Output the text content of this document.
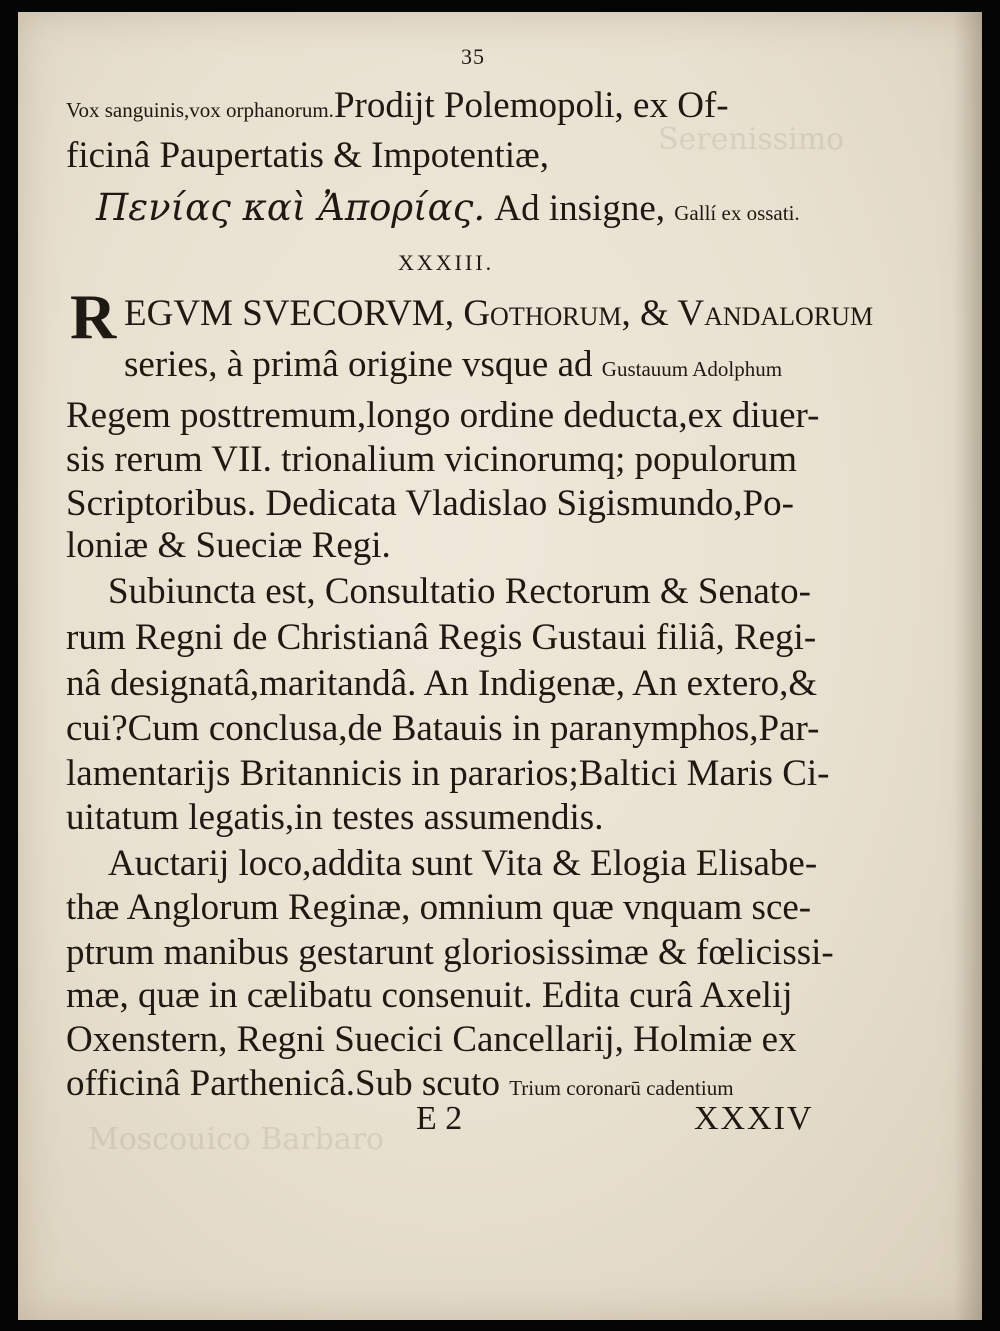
Serenissimo
Moscouico Barbaro
35
Vox sanguinis,vox orphanorum.Prodijt Polemopoli, ex Of-
ficinâ Paupertatis & Impotentiæ,
Πενίας καὶ Ἀπορίας. Ad insigne, Gallí ex ossati.
XXXIII.
R EGVM SVECORVM, Gothorum, & Vandalorum
series, à primâ origine vsque ad Gustauum Adolphum
Regem posttremum,longo ordine deducta,ex diuer-
sis rerum VII. trionalium vicinorumq; populorum
Scriptoribus. Dedicata Vladislao Sigismundo,Po-
loniæ & Sueciæ Regi.
Subiuncta est, Consultatio Rectorum & Senato-
rum Regni de Christianâ Regis Gustaui filiâ, Regi-
nâ designatâ,maritandâ. An Indigenæ, An extero,&
cui?Cum conclusa,de Batauis in paranymphos,Par-
lamentarijs Britannicis in pararios;Baltici Maris Ci-
uitatum legatis,in testes assumendis.
Auctarij loco,addita sunt Vita & Elogia Elisabe-
thæ Anglorum Reginæ, omnium quæ vnquam scе-
ptrum manibus gestarunt gloriosissimæ & fœlicissi-
mæ, quæ in cælibatu consenuit. Edita curâ Axelij
Oxenstern, Regni Suecici Cancellarij, Holmiæ ex
officinâ Parthenicâ.Sub scuto Trium coronarū cadentium
E 2	XXXIV
